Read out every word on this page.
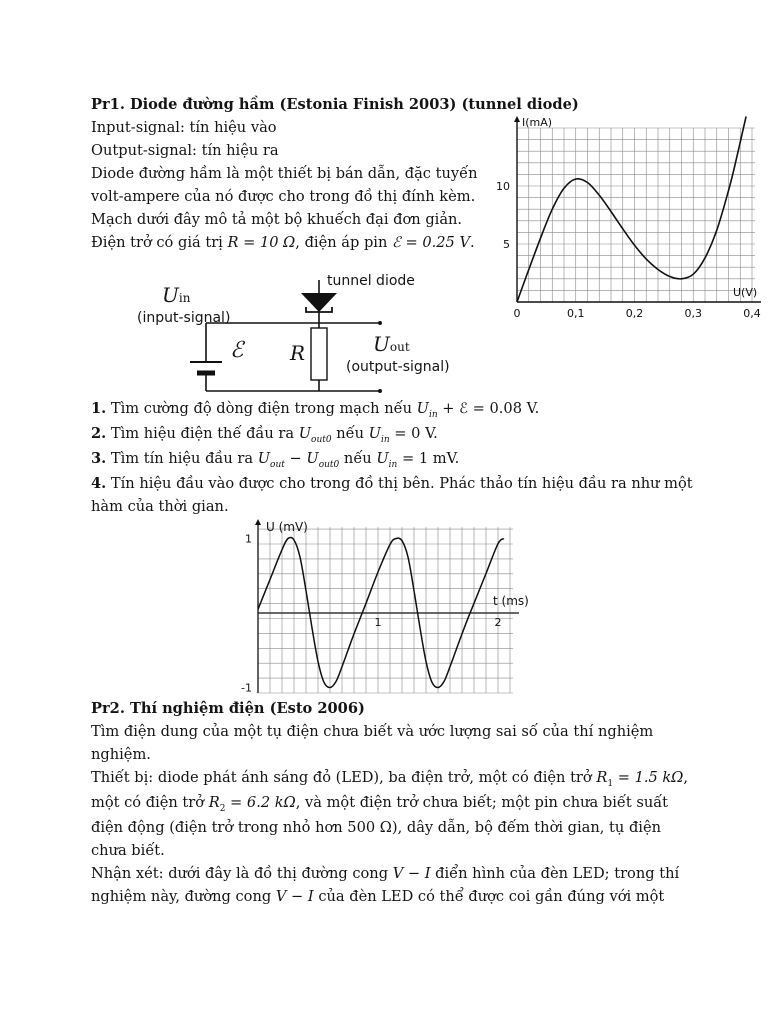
Pr1. Diode đường hầm (Estonia Finish 2003) (tunnel diode)
Input-signal: tín hiệu vào
Output-signal: tín hiệu ra
Diode đường hầm là một thiết bị bán dẫn, đặc tuyến
volt-ampere của nó được cho trong đồ thị đính kèm.
Mạch dưới đây mô tả một bộ khuếch đại đơn giản.
Điện trở có giá trị R = 10 Ω, điện áp pin ℰ = 0.25 V.
I(mA)
U(V)
0	0,1	0,2	0,3	0,4
5
10
tunnel diode
Uin
(input-signal)
ℰ R	Uout
(output-signal)
1. Tìm cường độ dòng điện trong mạch nếu $U_{in}$ + ℰ = 0.08 V.
2. Tìm hiệu điện thế đầu ra $U_{out0}$ nếu $U_{in} = 0$ V.
3. Tìm tín hiệu đầu ra $U_{out} - U_{out0}$ nếu $U_{in} = 1$ mV.
4. Tín hiệu đầu vào được cho trong đồ thị bên. Phác thảo tín hiệu đầu ra như một
hàm của thời gian.
U (mV)
t (ms)
1	2
1
-1
Pr2. Thí nghiệm điện (Esto 2006)
Tìm điện dung của một tụ điện chưa biết và ước lượng sai số của thí nghiệm
nghiệm.
Thiết bị: diode phát ánh sáng đỏ (LED), ba điện trở, một có điện trở $R_1 = 1.5$ kΩ,
một có điện trở $R_2 = 6.2$ kΩ, và một điện trở chưa biết; một pin chưa biết suất
điện động (điện trở trong nhỏ hơn 500 Ω), dây dẫn, bộ đếm thời gian, tụ điện
chưa biết.
Nhận xét: dưới đây là đồ thị đường cong V − I điển hình của đèn LED; trong thí
nghiệm này, đường cong V − I của đèn LED có thể được coi gần đúng với một
